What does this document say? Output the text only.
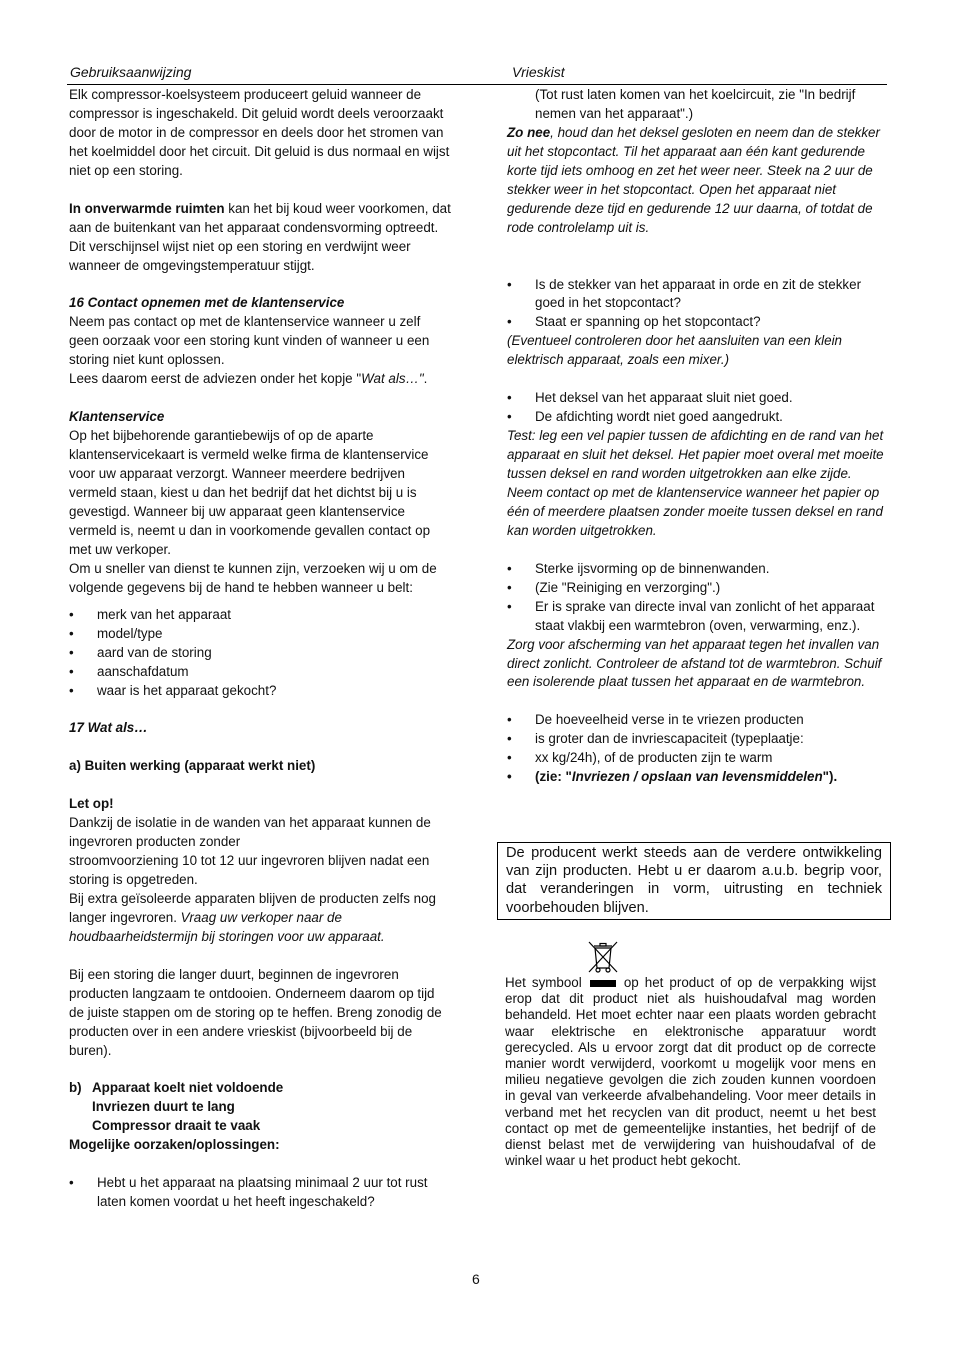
Gebruiksaanwijzing	Vrieskist

Elk compressor-koelsysteem produceert geluid wanneer de compressor is ingeschakeld. Dit geluid wordt deels veroorzaakt door de motor in de compressor en deels door het stromen van het koelmiddel door het circuit. Dit geluid is dus normaal en wijst niet op een storing.

In onverwarmde ruimten kan het bij koud weer voorkomen, dat aan de buitenkant van het apparaat condensvorming optreedt. Dit verschijnsel wijst niet op een storing en verdwijnt weer wanneer de omgevingstemperatuur stijgt.

16 Contact opnemen met de klantenservice

Neem pas contact op met de klantenservice wanneer u zelf geen oorzaak voor een storing kunt vinden of wanneer u een storing niet kunt oplossen.

Lees daarom eerst de adviezen onder het kopje "Wat als…".

Klantenservice

Op het bijbehorende garantiebewijs of op de aparte klantenservicekaart is vermeld welke firma de klantenservice voor uw apparaat verzorgt. Wanneer meerdere bedrijven vermeld staan, kiest u dan het bedrijf dat het dichtst bij u is gevestigd. Wanneer bij uw apparaat geen klantenservice vermeld is, neemt u dan in voorkomende gevallen contact op met uw verkoper.

Om u sneller van dienst te kunnen zijn, verzoeken wij u om de volgende gegevens bij de hand te hebben wanneer u belt:

• merk van het apparaat
• model/type
• aard van de storing
• aanschafdatum
• waar is het apparaat gekocht?

17 Wat als…

a) Buiten werking (apparaat werkt niet)

Let op!

Dankzij de isolatie in de wanden van het apparaat kunnen de ingevroren producten zonder

stroomvoorziening 10 tot 12 uur ingevroren blijven nadat een storing is opgetreden.

Bij extra geïsoleerde apparaten blijven de producten zelfs nog langer ingevroren. Vraag uw verkoper naar de houdbaarheidstermijn bij storingen voor uw apparaat.

Bij een storing die langer duurt, beginnen de ingevroren producten langzaam te ontdooien. Onderneem daarom op tijd de juiste stappen om de storing op te heffen. Breng zonodig de producten over in een andere vrieskist (bijvoorbeeld bij de buren).

b) Apparaat koelt niet voldoende
Invriezen duurt te lang
Compressor draait te vaak

Mogelijke oorzaken/oplossingen:

• Hebt u het apparaat na plaatsing minimaal 2 uur tot rust laten komen voordat u het heeft ingeschakeld?

(Tot rust laten komen van het koelcircuit, zie "In bedrijf nemen van het apparaat".)

Zo nee, houd dan het deksel gesloten en neem dan de stekker uit het stopcontact. Til het apparaat aan één kant gedurende korte tijd iets omhoog en zet het weer neer. Steek na 2 uur de stekker weer in het stopcontact. Open het apparaat niet gedurende deze tijd en gedurende 12 uur daarna, of totdat de rode controlelamp uit is.

• Is de stekker van het apparaat in orde en zit de stekker goed in het stopcontact?
• Staat er spanning op het stopcontact?

(Eventueel controleren door het aansluiten van een klein elektrisch apparaat, zoals een mixer.)

• Het deksel van het apparaat sluit niet goed.
• De afdichting wordt niet goed aangedrukt.

Test: leg een vel papier tussen de afdichting en de rand van het apparaat en sluit het deksel. Het papier moet overal met moeite tussen deksel en rand worden uitgetrokken aan elke zijde. Neem contact op met de klantenservice wanneer het papier op één of meerdere plaatsen zonder moeite tussen deksel en rand kan worden uitgetrokken.

• Sterke ijsvorming op de binnenwanden.
• (Zie "Reiniging en verzorging".)
• Er is sprake van directe inval van zonlicht of het apparaat staat vlakbij een warmtebron (oven, verwarming, enz.).

Zorg voor afscherming van het apparaat tegen het invallen van direct zonlicht. Controleer de afstand tot de warmtebron. Schuif een isolerende plaat tussen het apparaat en de warmtebron.

• De hoeveelheid verse in te vriezen producten
• is groter dan de invriescapaciteit (typeplaatje:
• xx kg/24h), of de producten zijn te warm
• (zie: "Invriezen / opslaan van levensmiddelen").
De producent werkt steeds aan de verdere ontwikkeling van zijn producten. Hebt u er daarom a.u.b. begrip voor, dat veranderingen in vorm, uitrusting en techniek voorbehouden blijven.
Het symbool	op het product of op de verpakking wijst erop dat dit product niet als huishoudafval mag worden behandeld. Het moet echter naar een plaats worden gebracht waar elektrische en elektronische apparatuur wordt gerecycled. Als u ervoor zorgt dat dit product op de correcte manier wordt verwijderd, voorkomt u mogelijk voor mens en milieu negatieve gevolgen die zich zouden kunnen voordoen in geval van verkeerde afvalbehandeling. Voor meer details in verband met het recyclen van dit product, neemt u het best contact op met de gemeentelijke instanties, het bedrijf of de dienst belast met de verwijdering van huishoudafval of de winkel waar u het product hebt gekocht.
6
